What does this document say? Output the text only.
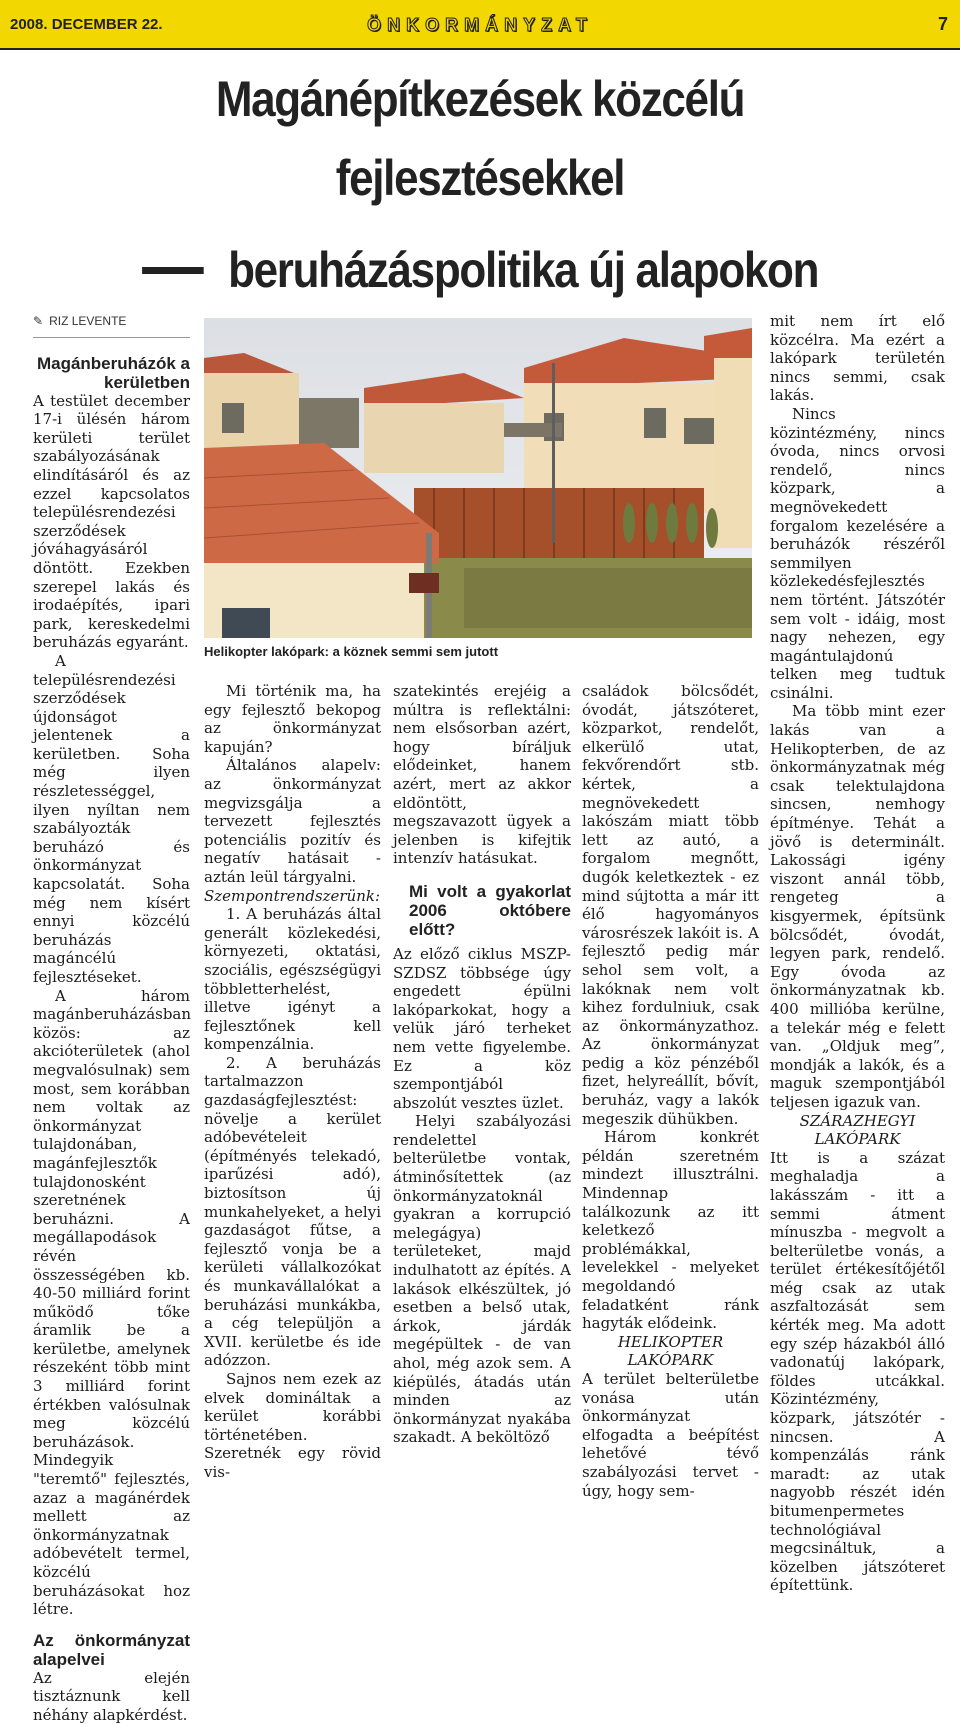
2008. DECEMBER 22.	ÖNKORMÁNYZAT	7
Magánépítkezések közcélú
fejlesztésekkel
beruházáspolitika új alapokon
✎ RIZ LEVENTE
Magánberuházók a kerületben

A testület december 17-i ülésén három kerületi terület szabályozásának elindításáról és az ezzel kapcsolatos településrendezési szerződések jóváhagyásáról döntött. Ezekben szerepel lakás és irodaépítés, ipari park, kereskedelmi beruházás egyaránt.

A településrendezési szerződések újdonságot jelentenek a kerületben. Soha még ilyen részletességgel, ilyen nyíltan nem szabályozták beruházó és önkormányzat kapcsolatát. Soha még nem kísért ennyi közcélú beruházás magáncélú fejlesztéseket.

A három magánberuházásban közös: az akcióterületek (ahol megvalósulnak) sem most, sem korábban nem voltak az önkormányzat tulajdonában, magánfejlesztők tulajdonosként szeretnének beruházni. A megállapodások révén összességében kb. 40-50 milliárd forint működő tőke áramlik be a kerületbe, amelynek részeként több mint 3 milliárd forint értékben valósulnak meg közcélú beruházások.

Mindegyik "teremtő" fejlesztés, azaz a magánérdek mellett az önkormányzatnak adóbevételt termel, közcélú beruházásokat hoz létre.

Az önkormányzat alapelvei

Az elején tisztáznunk kell néhány alapkérdést.

Helikopter lakópark: a köznek semmi sem jutott

Mi történik ma, ha egy fejlesztő bekopog az önkormányzat kapuján?

Általános alapelv: az önkormányzat megvizsgálja a tervezett fejlesztés potenciális pozitív és negatív hatásait - aztán leül tárgyalni.

Szempontrendszerünk:

1. A beruházás által generált közlekedési, környezeti, oktatási, szociális, egészségügyi többletterhelést, illetve igényt a fejlesztőnek kell kompenzálnia.

2. A beruházás tartalmazzon gazdaságfejlesztést: növelje a kerület adóbevételeit (építményés telekadó, iparűzési adó), biztosítson új munkahelyeket, a helyi gazdaságot fűtse, a fejlesztő vonja be a kerületi vállalkozókat és munkavállalókat a beruházási munkákba, a cég települjön a XVII. kerületbe és ide adózzon.

Sajnos nem ezek az elvek domináltak a kerület korábbi történetében. Szeretnék egy rövid vis-

szatekintés erejéig a múltra is reflektálni: nem elsősorban azért, hogy bíráljuk elődeinket, hanem azért, mert az akkor eldöntött, megszavazott ügyek a jelenben is kifejtik intenzív hatásukat.

Mi volt a gyakorlat 2006 októbere előtt?

Az előző ciklus MSZP-SZDSZ többsége úgy engedett épülni lakóparkokat, hogy a velük járó terheket nem vette figyelembe. Ez a köz szempontjából abszolút vesztes üzlet.

Helyi szabályozási rendelettel belterületbe vontak, átminősítettek (az önkormányzatoknál gyakran a korrupció melegágya) területeket, majd indulhatott az építés. A lakások elkészültek, jó esetben a belső utak, árkok, járdák megépültek - de van ahol, még azok sem. A kiépülés, átadás után minden az önkormányzat nyakába szakadt. A beköltöző

családok bölcsődét, óvodát, játszóteret, közparkot, rendelőt, elkerülő utat, fekvőrendőrt stb. kértek, a megnövekedett lakószám miatt több lett az autó, a forgalom megnőtt, dugók keletkeztek - ez mind sújtotta a már itt élő hagyományos városrészek lakóit is. A fejlesztő pedig már sehol sem volt, a lakóknak nem volt kihez fordulniuk, csak az önkormányzathoz. Az önkormányzat pedig a köz pénzéből fizet, helyreállít, bővít, beruház, vagy a lakók megeszik dühükben.

Három konkrét példán szeretném mindezt illusztrálni. Mindennap találkozunk az itt keletkező problémákkal, levelekkel - melyeket megoldandó feladatként ránk hagyták elődeink.

HELIKOPTER LAKÓPARK

A terület belterületbe vonása után önkormányzat elfogadta a beépítést lehetővé tévő szabályozási tervet - úgy, hogy sem-

mit nem írt elő közcélra. Ma ezért a lakópark területén nincs semmi, csak lakás.

Nincs közintézmény, nincs óvoda, nincs orvosi rendelő, nincs közpark, a megnövekedett forgalom kezelésére a beruházók részéről semmilyen közlekedésfejlesztés nem történt. Játszótér sem volt - idáig, most nagy nehezen, egy magántulajdonú telken meg tudtuk csinálni.

Ma több mint ezer lakás van a Helikopterben, de az önkormányzatnak még csak telektulajdona sincsen, nemhogy építménye. Tehát a jövő is determinált. Lakossági igény viszont annál több, rengeteg a kisgyermek, építsünk bölcsődét, óvodát, legyen park, rendelő. Egy óvoda az önkormányzatnak kb. 400 millióba kerülne, a telekár még e felett van. „Oldjuk meg”, mondják a lakók, és a maguk szempontjából teljesen igazuk van.

SZÁRAZHEGYI LAKÓPARK

Itt is a százat meghaladja a lakásszám - itt a semmi átment mínuszba - megvolt a belterületbe vonás, a terület értékesítőjétől még csak az utak aszfaltozását sem kérték meg. Ma adott egy szép házakból álló vadonatúj lakópark, földes utcákkal. Közintézmény, közpark, játszótér - nincsen. A kompenzálás ránk maradt: az utak nagyobb részét idén bitumenpermetes technológiával megcsináltuk, a közelben játszóteret építettünk.
